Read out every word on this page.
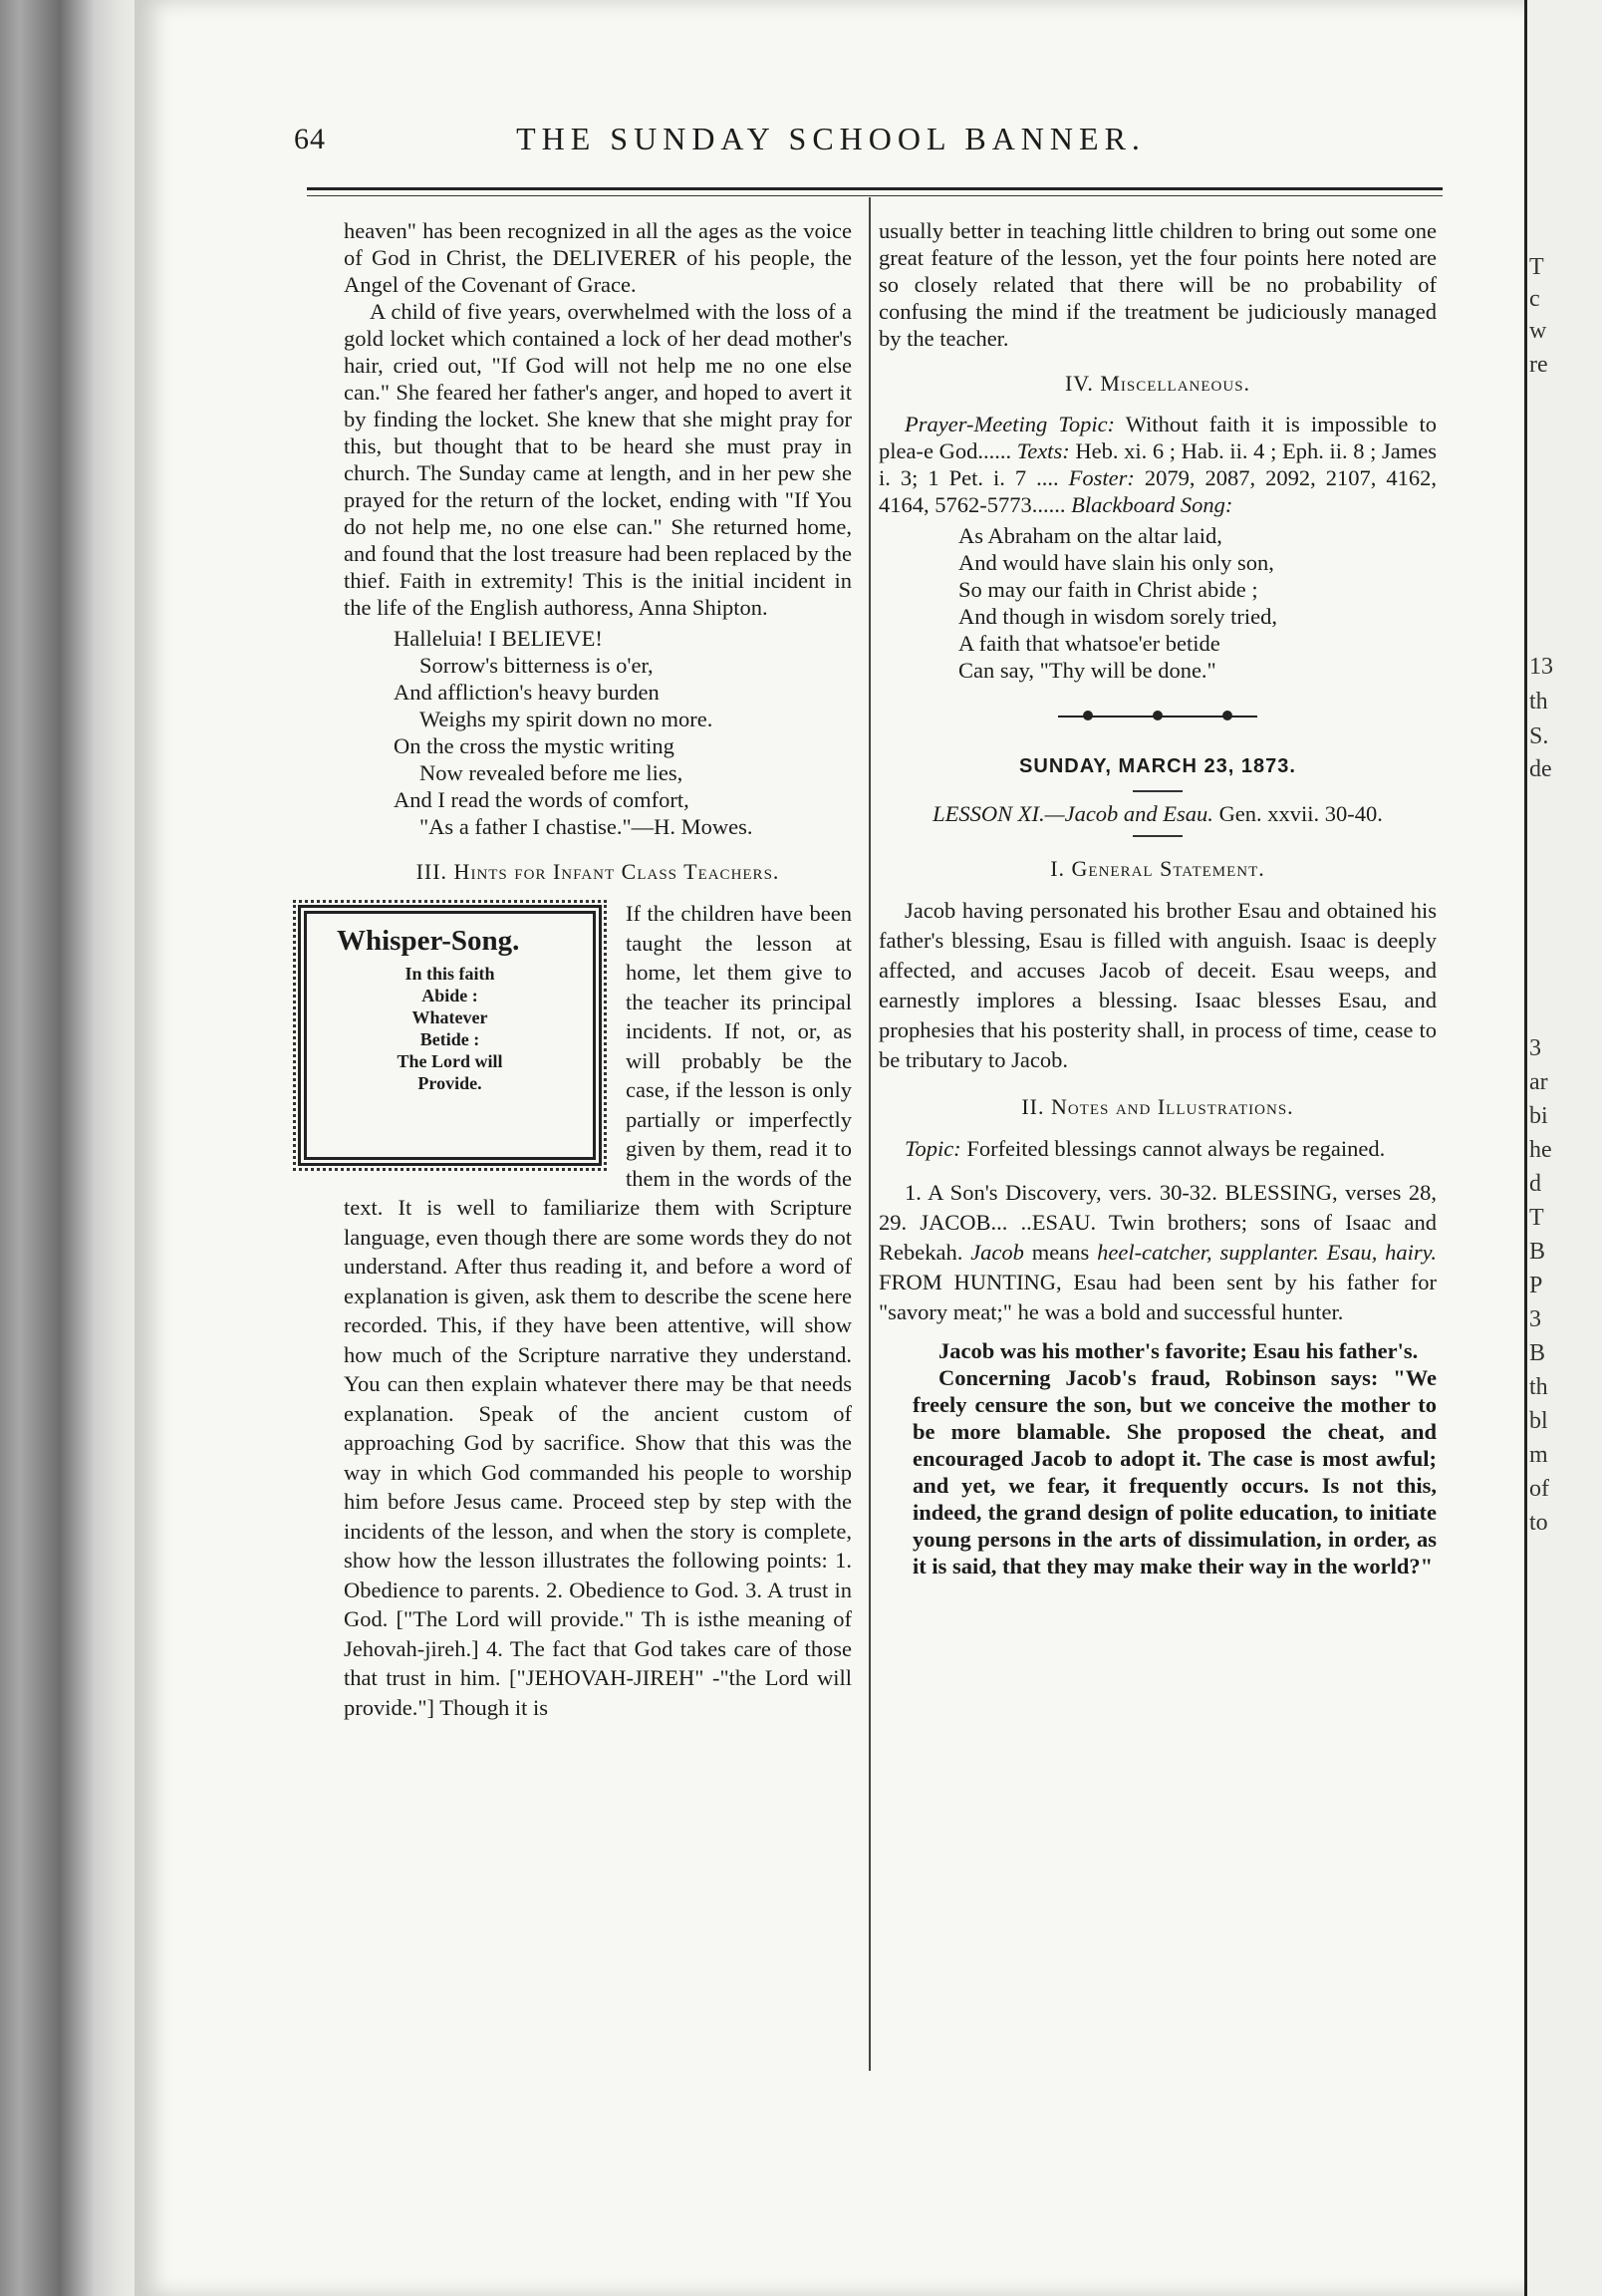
T
c
w
re
13
th
S.
de
3
ar
bi
he
d
T
B
P
3
B
th
bl
m
of
to
64	THE SUNDAY SCHOOL BANNER.

heaven" has been recognized in all the ages as the voice of God in Christ, the DELIVERER of his people, the Angel of the Covenant of Grace.

A child of five years, overwhelmed with the loss of a gold locket which contained a lock of her dead mother's hair, cried out, "If God will not help me no one else can." She feared her father's anger, and hoped to avert it by finding the locket. She knew that she might pray for this, but thought that to be heard she must pray in church. The Sunday came at length, and in her pew she prayed for the return of the locket, ending with "If You do not help me, no one else can." She returned home, and found that the lost treasure had been replaced by the thief. Faith in extremity! This is the initial incident in the life of the English authoress, Anna Shipton.

Halleluia! I BELIEVE!
Sorrow's bitterness is o'er,
And affliction's heavy burden
Weighs my spirit down no more.
On the cross the mystic writing
Now revealed before me lies,
And I read the words of comfort,
"As a father I chastise."—H. Mowes.
III. Hints for Infant Class Teachers.
Whisper-Song.
In this faith
Abide :
Whatever
Betide :
The Lord will
Provide.

If the children have been taught the lesson at home, let them give to the teacher its principal incidents. If not, or, as will probably be the case, if the lesson is only partially or imperfectly given by them, read it to them in the words of the text. It is well to familiarize them with Scripture language, even though there are some words they do not understand. After thus reading it, and before a word of explanation is given, ask them to describe the scene here recorded. This, if they have been attentive, will show how much of the Scripture narrative they understand. You can then explain whatever there may be that needs explanation. Speak of the ancient custom of approaching God by sacrifice. Show that this was the way in which God commanded his people to worship him before Jesus came. Proceed step by step with the incidents of the lesson, and when the story is complete, show how the lesson illustrates the following points: 1. Obedience to parents. 2. Obedience to God. 3. A trust in God. ["The Lord will provide." Th is isthe meaning of Jehovah-jireh.] 4. The fact that God takes care of those that trust in him. ["JEHOVAH-JIREH" -"the Lord will provide."] Though it is

usually better in teaching little children to bring out some one great feature of the lesson, yet the four points here noted are so closely related that there will be no probability of confusing the mind if the treatment be judiciously managed by the teacher.

IV. Miscellaneous.

Prayer-Meeting Topic: Without faith it is impossible to plea-e God...... Texts: Heb. xi. 6 ; Hab. ii. 4 ; Eph. ii. 8 ; James i. 3; 1 Pet. i. 7 .... Foster: 2079, 2087, 2092, 2107, 4162, 4164, 5762-5773...... Blackboard Song:

As Abraham on the altar laid,
And would have slain his only son,
So may our faith in Christ abide ;
And though in wisdom sorely tried,
A faith that whatsoe'er betide
Can say, "Thy will be done."
SUNDAY, MARCH 23, 1873.
LESSON XI.—Jacob and Esau. Gen. xxvii. 30-40.
I. General Statement.

Jacob having personated his brother Esau and obtained his father's blessing, Esau is filled with anguish. Isaac is deeply affected, and accuses Jacob of deceit. Esau weeps, and earnestly implores a blessing. Isaac blesses Esau, and prophesies that his posterity shall, in process of time, cease to be tributary to Jacob.

II. Notes and Illustrations.

Topic: Forfeited blessings cannot always be regained.

1. A Son's Discovery, vers. 30-32. BLESSING, verses 28, 29. JACOB... ..ESAU. Twin brothers; sons of Isaac and Rebekah. Jacob means heel-catcher, supplanter. Esau, hairy. FROM HUNTING, Esau had been sent by his father for "savory meat;" he was a bold and successful hunter.

Jacob was his mother's favorite; Esau his father's.

Concerning Jacob's fraud, Robinson says: "We freely censure the son, but we conceive the mother to be more blamable. She proposed the cheat, and encouraged Jacob to adopt it. The case is most awful; and yet, we fear, it frequently occurs. Is not this, indeed, the grand design of polite education, to initiate young persons in the arts of dissimulation, in order, as it is said, that they may make their way in the world?"
